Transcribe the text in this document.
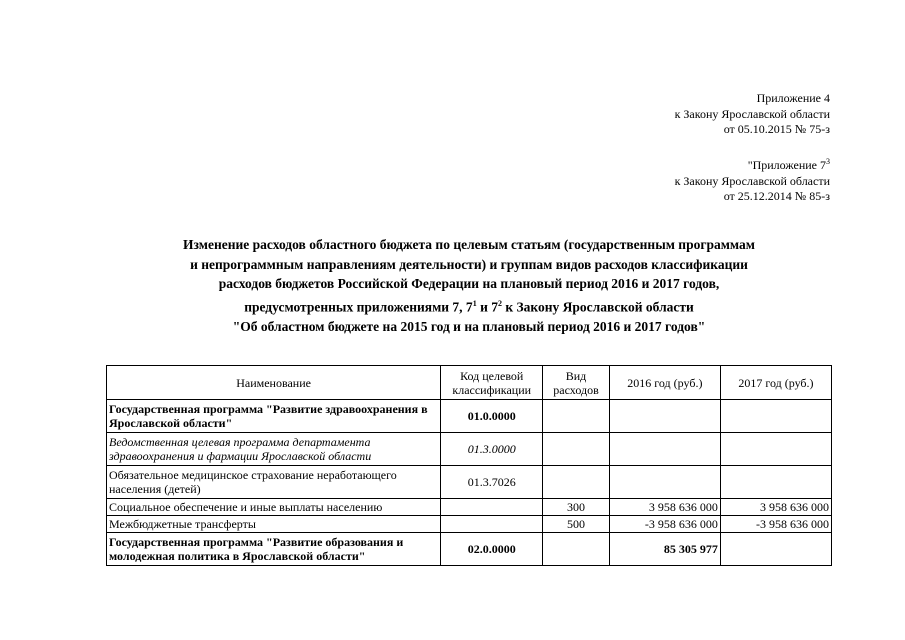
Приложение 4
к Закону Ярославской области
от 05.10.2015 № 75-з
"Приложение $7^3$
к Закону Ярославской области
от 25.12.2014 № 85-з
Изменение расходов областного бюджета по целевым статьям (государственным программам
и непрограммным направлениям деятельности) и группам видов расходов классификации
расходов бюджетов Российской Федерации на плановый период 2016 и 2017 годов,
предусмотренных приложениями 7, $7^1$ и $7^2$ к Закону Ярославской области
"Об областном бюджете на 2015 год и на плановый период 2016 и 2017 годов"
Наименование	Код целевой классификации	Вид расходов	2016 год (руб.)	2017 год (руб.)
Государственная программа "Развитие здравоохранения в Ярославской области"	01.0.0000			
Ведомственная целевая программа департамента здравоохранения и фармации Ярославской области	01.3.0000			
Обязательное медицинское страхование неработающего населения (детей)	01.3.7026			
Социальное обеспечение и иные выплаты населению		300	3 958 636 000	3 958 636 000
Межбюджетные трансферты		500	-3 958 636 000	-3 958 636 000
Государственная программа "Развитие образования и молодежная политика в Ярославской области"	02.0.0000		85 305 977	
